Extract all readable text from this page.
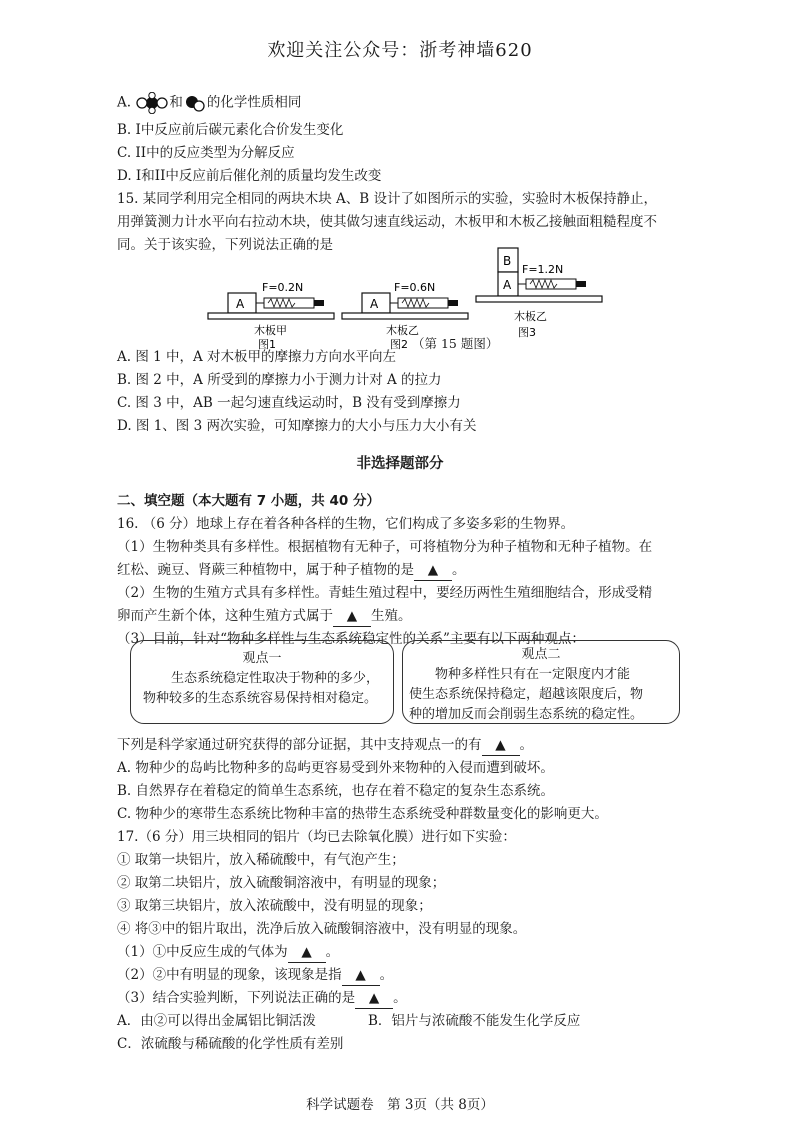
欢迎关注公众号：浙考神墙620
A.	和 的化学性质相同
B. I中反应前后碳元素化合价发生变化
C. II中的反应类型为分解反应
D. I和II中反应前后催化剂的质量均发生改变
15. 某同学利用完全相同的两块木块 A、B 设计了如图所示的实验，实验时木板保持静止，
用弹簧测力计水平向右拉动木块，使其做匀速直线运动，木板甲和木板乙接触面粗糙程度不
同。关于该实验，下列说法正确的是
A
F=0.2N
木板甲
图1
A
F=0.6N
木板乙
图2
B
A
F=1.2N
木板乙
图3
（第 15 题图）
A. 图 1 中，A 对木板甲的摩擦力方向水平向左
B. 图 2 中，A 所受到的摩擦力小于测力计对 A 的拉力
C. 图 3 中，AB 一起匀速直线运动时，B 没有受到摩擦力
D. 图 1、图 3 两次实验，可知摩擦力的大小与压力大小有关
非选择题部分
二、填空题（本大题有 7 小题，共 40 分）
16. （6 分）地球上存在着各种各样的生物，它们构成了多姿多彩的生物界。
（1）生物种类具有多样性。根据植物有无种子，可将植物分为种子植物和无种子植物。在
红松、豌豆、肾蕨三种植物中，属于种子植物的是 ▲ 。
（2）生物的生殖方式具有多样性。青蛙生殖过程中，要经历两性生殖细胞结合，形成受精
卵而产生新个体，这种生殖方式属于 ▲ 生殖。
（3）目前，针对“物种多样性与生态系统稳定性的关系”主要有以下两种观点：
观点一
生态系统稳定性取决于物种的多少，
物种较多的生态系统容易保持相对稳定。
观点二
物种多样性只有在一定限度内才能
使生态系统保持稳定，超越该限度后，物
种的增加反而会削弱生态系统的稳定性。
下列是科学家通过研究获得的部分证据，其中支持观点一的有 ▲ 。
A. 物种少的岛屿比物种多的岛屿更容易受到外来物种的入侵而遭到破坏。
B. 自然界存在着稳定的简单生态系统，也存在着不稳定的复杂生态系统。
C. 物种少的寒带生态系统比物种丰富的热带生态系统受种群数量变化的影响更大。
17.（6 分）用三块相同的铝片（均已去除氧化膜）进行如下实验：
① 取第一块铝片，放入稀硫酸中，有气泡产生；
② 取第二块铝片，放入硫酸铜溶液中，有明显的现象；
③ 取第三块铝片，放入浓硫酸中，没有明显的现象；
④ 将③中的铝片取出，洗净后放入硫酸铜溶液中，没有明显的现象。
（1）①中反应生成的气体为 ▲ 。
（2）②中有明显的现象，该现象是指 ▲ 。
（3）结合实验判断，下列说法正确的是 ▲ 。
A．由②可以得出金属铝比铜活泼	B．铝片与浓硫酸不能发生化学反应
C．浓硫酸与稀硫酸的化学性质有差别
科学试题卷　第 3页（共 8页）
